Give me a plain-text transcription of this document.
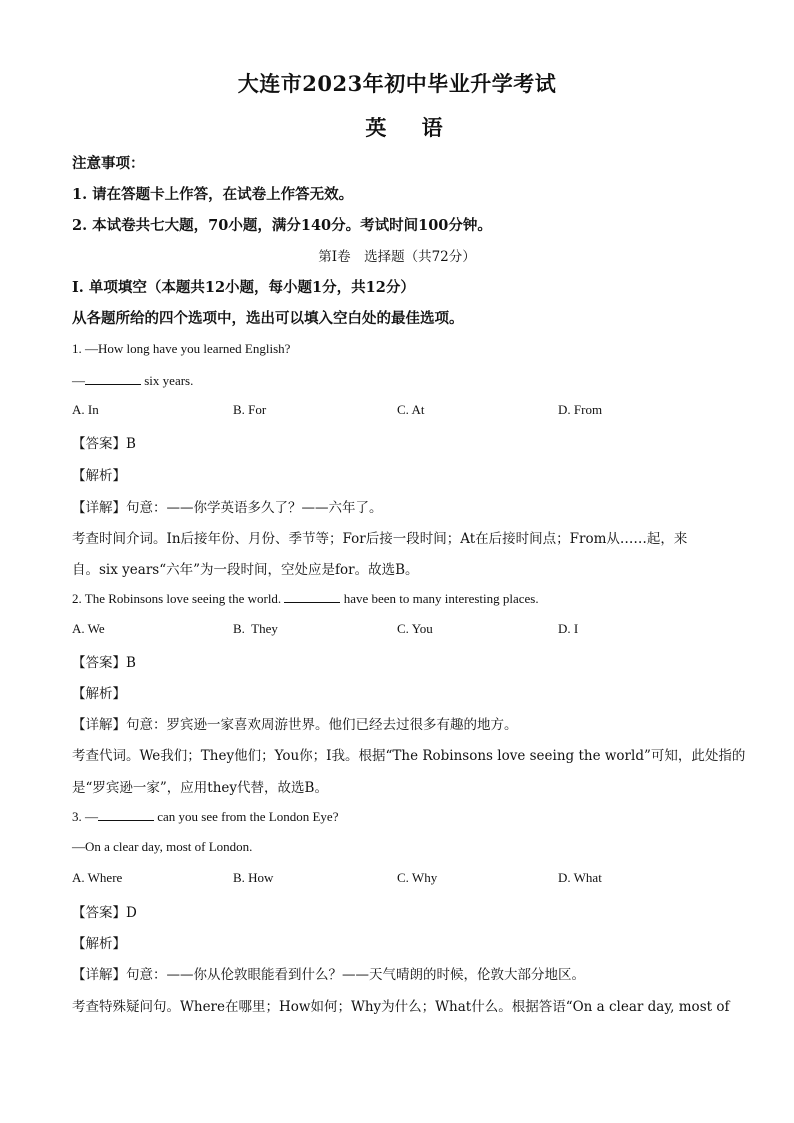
大连市2023年初中毕业升学考试
英 语
注意事项：
1. 请在答题卡上作答，在试卷上作答无效。
2. 本试卷共七大题，70小题，满分140分。考试时间100分钟。
第Ⅰ卷　选择题（共72分）
Ⅰ. 单项填空（本题共12小题，每小题1分，共12分）
从各题所给的四个选项中，选出可以填入空白处的最佳选项。
1. —How long have you learned English?
—	six years.
A. In	B. For	C. At	D. From
【答案】B
【解析】
【详解】句意：——你学英语多久了？——六年了。
考查时间介词。In后接年份、月份、季节等；For后接一段时间；At在后接时间点；From从……起，来
自。six years“六年”为一段时间，空处应是for。故选B。
2. The Robinsons love seeing the world.	have been to many interesting places.
A. We	B.  They	C. You	D. I
【答案】B
【解析】
【详解】句意：罗宾逊一家喜欢周游世界。他们已经去过很多有趣的地方。
考查代词。We我们；They他们；You你；I我。根据“The Robinsons love seeing the world”可知，此处指的
是“罗宾逊一家”，应用they代替，故选B。
3. —	can you see from the London Eye?
—On a clear day, most of London.
A. Where	B. How	C. Why	D. What
【答案】D
【解析】
【详解】句意：——你从伦敦眼能看到什么？——天气晴朗的时候，伦敦大部分地区。
考查特殊疑问句。Where在哪里；How如何；Why为什么；What什么。根据答语“On a clear day, most of
